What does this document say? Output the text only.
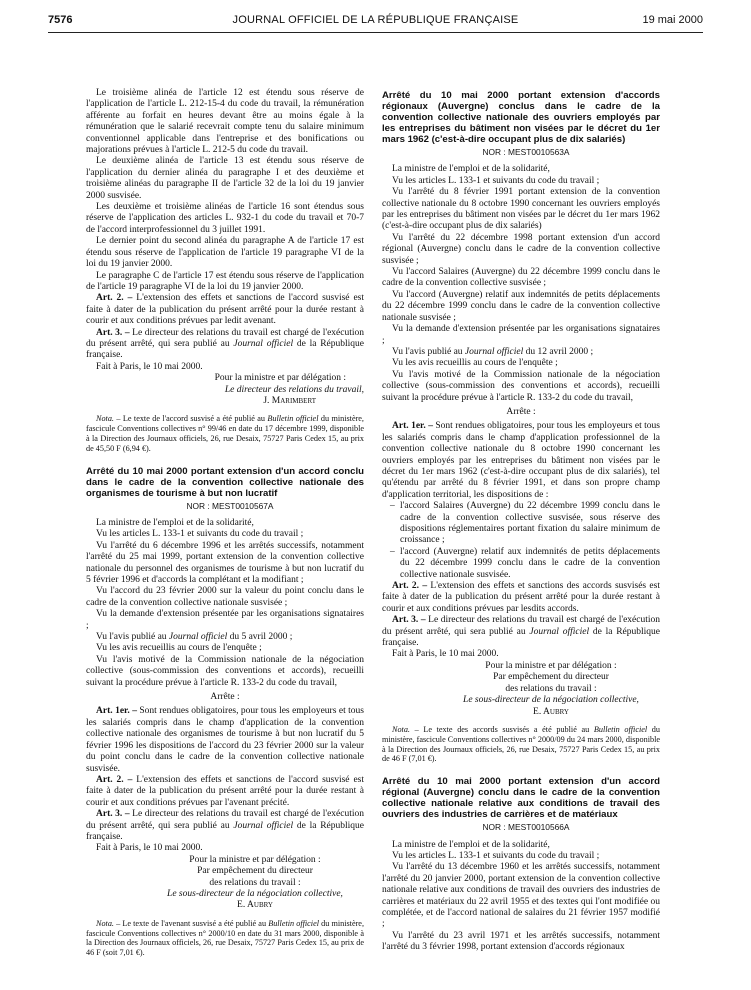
7576	JOURNAL OFFICIEL DE LA RÉPUBLIQUE FRANÇAISE	19 mai 2000

Le troisième alinéa de l'article 12 est étendu sous réserve de l'application de l'article L. 212-15-4 du code du travail, la rémunération afférente au forfait en heures devant être au moins égale à la rémunération que le salarié recevrait compte tenu du salaire minimum conventionnel applicable dans l'entreprise et des bonifications ou majorations prévues à l'article L. 212-5 du code du travail.

Le deuxième alinéa de l'article 13 est étendu sous réserve de l'application du dernier alinéa du paragraphe I et des deuxième et troisième alinéas du paragraphe II de l'article 32 de la loi du 19 janvier 2000 susvisée.

Les deuxième et troisième alinéas de l'article 16 sont étendus sous réserve de l'application des articles L. 932-1 du code du travail et 70-7 de l'accord interprofessionnel du 3 juillet 1991.

Le dernier point du second alinéa du paragraphe A de l'article 17 est étendu sous réserve de l'application de l'article 19 paragraphe VI de la loi du 19 janvier 2000.

Le paragraphe C de l'article 17 est étendu sous réserve de l'application de l'article 19 paragraphe VI de la loi du 19 janvier 2000.

Art. 2. – L'extension des effets et sanctions de l'accord susvisé est faite à dater de la publication du présent arrêté pour la durée restant à courir et aux conditions prévues par ledit avenant.

Art. 3. – Le directeur des relations du travail est chargé de l'exécution du présent arrêté, qui sera publié au Journal officiel de la République française.

Fait à Paris, le 10 mai 2000.

Pour la ministre et par délégation :

Le directeur des relations du travail,

J. Marimbert

Nota. – Le texte de l'accord susvisé a été publié au Bulletin officiel du ministère, fascicule Conventions collectives n° 99/46 en date du 17 décembre 1999, disponible à la Direction des Journaux officiels, 26, rue Desaix, 75727 Paris Cedex 15, au prix de 45,50 F (6,94 €).

Arrêté du 10 mai 2000 portant extension d'un accord conclu dans le cadre de la convention collective nationale des organismes de tourisme à but non lucratif

NOR : MEST0010567A

La ministre de l'emploi et de la solidarité,

Vu les articles L. 133-1 et suivants du code du travail ;

Vu l'arrêté du 6 décembre 1996 et les arrêtés successifs, notamment l'arrêté du 25 mai 1999, portant extension de la convention collective nationale du personnel des organismes de tourisme à but non lucratif du 5 février 1996 et d'accords la complétant et la modifiant ;

Vu l'accord du 23 février 2000 sur la valeur du point conclu dans le cadre de la convention collective nationale susvisée ;

Vu la demande d'extension présentée par les organisations signataires ;

Vu l'avis publié au Journal officiel du 5 avril 2000 ;

Vu les avis recueillis au cours de l'enquête ;

Vu l'avis motivé de la Commission nationale de la négociation collective (sous-commission des conventions et accords), recueilli suivant la procédure prévue à l'article R. 133-2 du code du travail,

Arrête :

Art. 1er. – Sont rendues obligatoires, pour tous les employeurs et tous les salariés compris dans le champ d'application de la convention collective nationale des organismes de tourisme à but non lucratif du 5 février 1996 les dispositions de l'accord du 23 février 2000 sur la valeur du point conclu dans le cadre de la convention collective nationale susvisée.

Art. 2. – L'extension des effets et sanctions de l'accord susvisé est faite à dater de la publication du présent arrêté pour la durée restant à courir et aux conditions prévues par l'avenant précité.

Art. 3. – Le directeur des relations du travail est chargé de l'exécution du présent arrêté, qui sera publié au Journal officiel de la République française.

Fait à Paris, le 10 mai 2000.

Pour la ministre et par délégation :

Par empêchement du directeur

des relations du travail :

Le sous-directeur de la négociation collective,

E. Aubry

Nota. – Le texte de l'avenant susvisé a été publié au Bulletin officiel du ministère, fascicule Conventions collectives n° 2000/10 en date du 31 mars 2000, disponible à la Direction des Journaux officiels, 26, rue Desaix, 75727 Paris Cedex 15, au prix de 46 F (soit 7,01 €).

Arrêté du 10 mai 2000 portant extension d'accords régionaux (Auvergne) conclus dans le cadre de la convention collective nationale des ouvriers employés par les entreprises du bâtiment non visées par le décret du 1er mars 1962 (c'est-à-dire occupant plus de dix salariés)

NOR : MEST0010563A

La ministre de l'emploi et de la solidarité,

Vu les articles L. 133-1 et suivants du code du travail ;

Vu l'arrêté du 8 février 1991 portant extension de la convention collective nationale du 8 octobre 1990 concernant les ouvriers employés par les entreprises du bâtiment non visées par le décret du 1er mars 1962 (c'est-à-dire occupant plus de dix salariés)

Vu l'arrêté du 22 décembre 1998 portant extension d'un accord régional (Auvergne) conclu dans le cadre de la convention collective susvisée ;

Vu l'accord Salaires (Auvergne) du 22 décembre 1999 conclu dans le cadre de la convention collective susvisée ;

Vu l'accord (Auvergne) relatif aux indemnités de petits déplacements du 22 décembre 1999 conclu dans le cadre de la convention collective nationale susvisée ;

Vu la demande d'extension présentée par les organisations signataires ;

Vu l'avis publié au Journal officiel du 12 avril 2000 ;

Vu les avis recueillis au cours de l'enquête ;

Vu l'avis motivé de la Commission nationale de la négociation collective (sous-commission des conventions et accords), recueilli suivant la procédure prévue à l'article R. 133-2 du code du travail,

Arrête :

Art. 1er. – Sont rendues obligatoires, pour tous les employeurs et tous les salariés compris dans le champ d'application professionnel de la convention collective nationale du 8 octobre 1990 concernant les ouvriers employés par les entreprises du bâtiment non visées par le décret du 1er mars 1962 (c'est-à-dire occupant plus de dix salariés), tel qu'étendu par arrêté du 8 février 1991, et dans son propre champ d'application territorial, les dispositions de :

– l'accord Salaires (Auvergne) du 22 décembre 1999 conclu dans le cadre de la convention collective susvisée, sous réserve des dispositions réglementaires portant fixation du salaire minimum de croissance ;
– l'accord (Auvergne) relatif aux indemnités de petits déplacements du 22 décembre 1999 conclu dans le cadre de la convention collective nationale susvisée.

Art. 2. – L'extension des effets et sanctions des accords susvisés est faite à dater de la publication du présent arrêté pour la durée restant à courir et aux conditions prévues par lesdits accords.

Art. 3. – Le directeur des relations du travail est chargé de l'exécution du présent arrêté, qui sera publié au Journal officiel de la République française.

Fait à Paris, le 10 mai 2000.

Pour la ministre et par délégation :

Par empêchement du directeur

des relations du travail :

Le sous-directeur de la négociation collective,

E. Aubry

Nota. – Le texte des accords susvisés a été publié au Bulletin officiel du ministère, fascicule Conventions collectives n° 2000/09 du 24 mars 2000, disponible à la Direction des Journaux officiels, 26, rue Desaix, 75727 Paris Cedex 15, au prix de 46 F (7,01 €).

Arrêté du 10 mai 2000 portant extension d'un accord régional (Auvergne) conclu dans le cadre de la convention collective nationale relative aux conditions de travail des ouvriers des industries de carrières et de matériaux

NOR : MEST0010566A

La ministre de l'emploi et de la solidarité,

Vu les articles L. 133-1 et suivants du code du travail ;

Vu l'arrêté du 13 décembre 1960 et les arrêtés successifs, notamment l'arrêté du 20 janvier 2000, portant extension de la convention collective nationale relative aux conditions de travail des ouvriers des industries de carrières et matériaux du 22 avril 1955 et des textes qui l'ont modifiée ou complétée, et de l'accord national de salaires du 21 février 1957 modifié ;

Vu l'arrêté du 23 avril 1971 et les arrêtés successifs, notamment l'arrêté du 3 février 1998, portant extension d'accords régionaux
